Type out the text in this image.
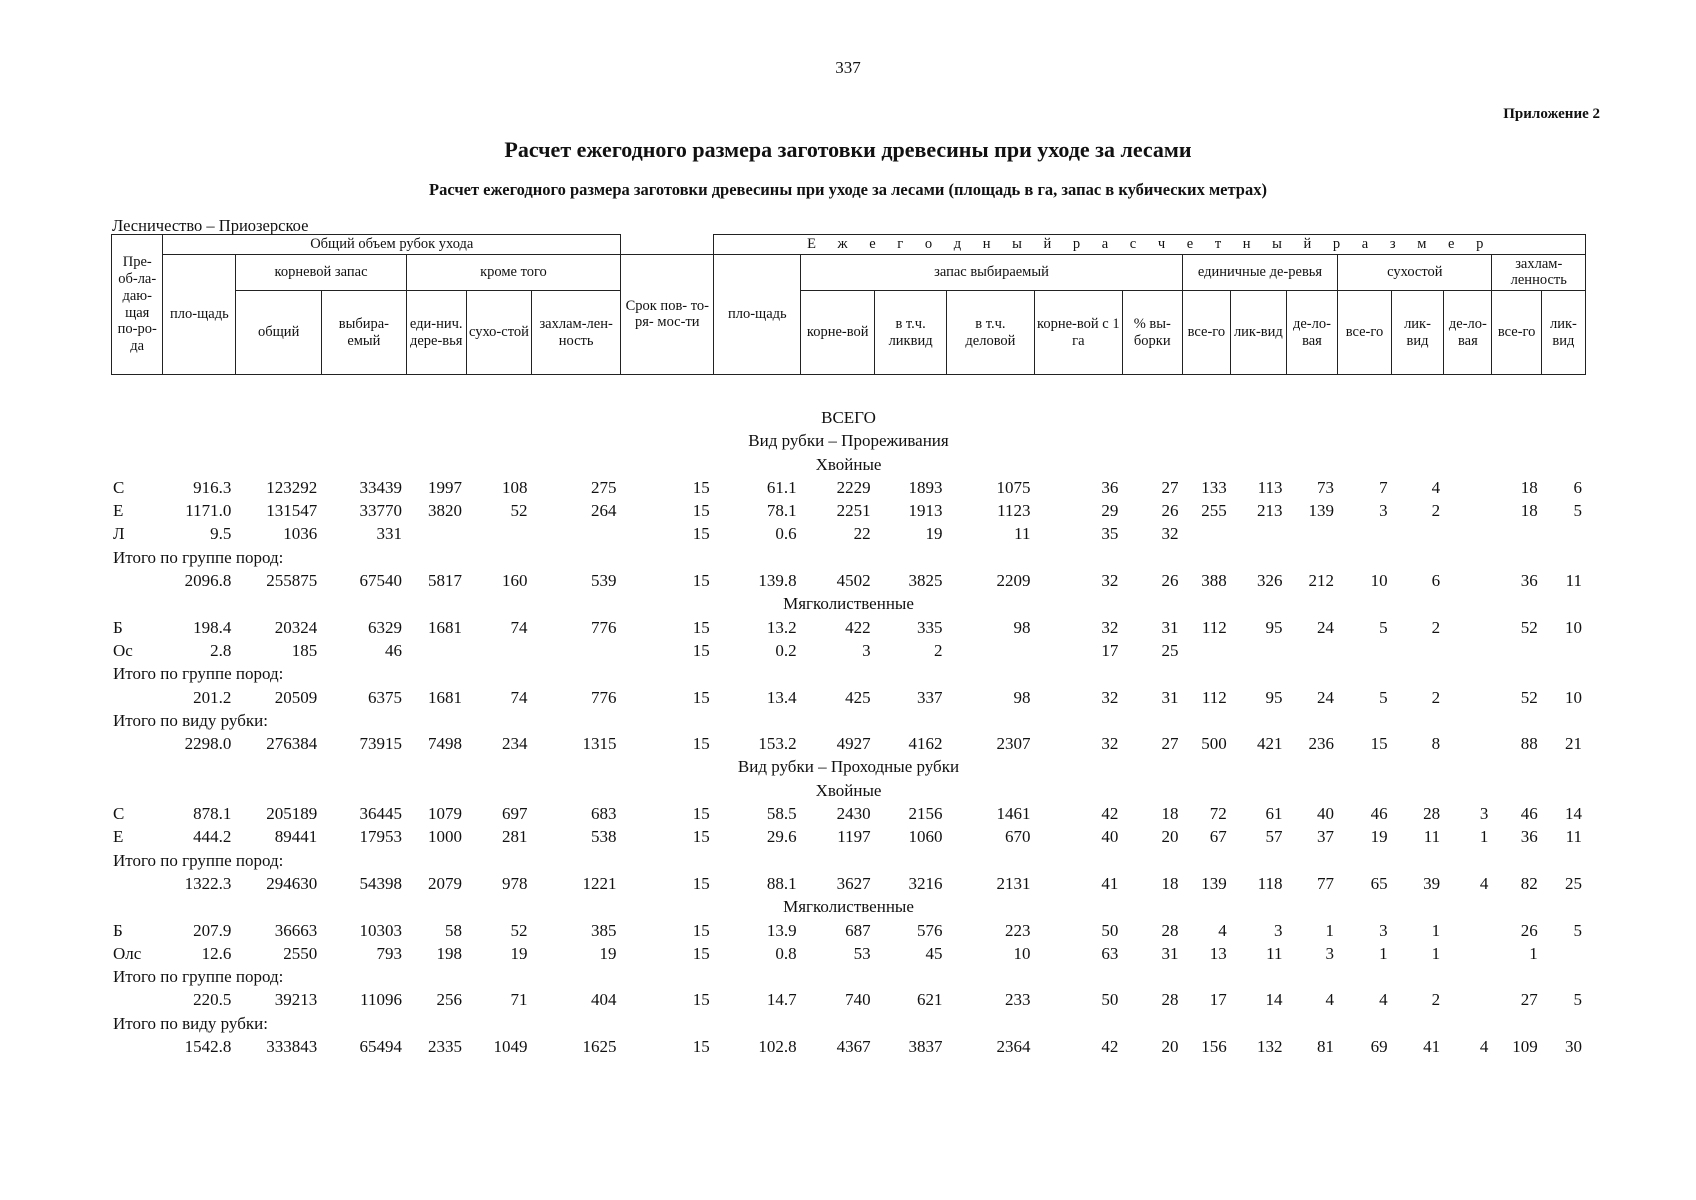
337
Приложение 2
Расчет ежегодного размера заготовки древесины при уходе за лесами
Расчет ежегодного размера заготовки древесины при уходе за лесами (площадь в га, запас в кубических метрах)
Лесничество – Приозерское
Пре-об-ла-даю-щая по-ро-да	Общий объем рубок ухода							Е ж е г о д н ы й р а с ч е т н ы й р а з м е р													
	пло-щадь	корневой запас		кроме того			Срок пов- то-ря- мос-ти	пло-щадь	запас выбираемый					единичные де-ревья			сухостой			захлам-ленность	
		общий	выбира-емый	еди-нич. дере-вья	сухо-стой	захлам-лен-ность			корне-вой	в т.ч. ликвид	в т.ч. деловой	корне-вой с 1 га	% вы-борки	все-го	лик-вид	де-ло-вая	все-го	лик-вид	де-ло-вая	все-го	лик-вид
ВСЕГО																					
Вид рубки – Прореживания																					
Хвойные																					
С	916.3	123292	33439	1997	108	275	15	61.1	2229	1893	1075	36	27	133	113	73	7	4		18	6
Е	1171.0	131547	33770	3820	52	264	15	78.1	2251	1913	1123	29	26	255	213	139	3	2		18	5
Л	9.5	1036	331				15	0.6	22	19	11	35	32								
Итого по группе пород:																					
	2096.8	255875	67540	5817	160	539	15	139.8	4502	3825	2209	32	26	388	326	212	10	6		36	11
Мягколиственные																					
Б	198.4	20324	6329	1681	74	776	15	13.2	422	335	98	32	31	112	95	24	5	2		52	10
Ос	2.8	185	46				15	0.2	3	2		17	25								
Итого по группе пород:																					
	201.2	20509	6375	1681	74	776	15	13.4	425	337	98	32	31	112	95	24	5	2		52	10
Итого по виду рубки:																					
	2298.0	276384	73915	7498	234	1315	15	153.2	4927	4162	2307	32	27	500	421	236	15	8		88	21
Вид рубки – Проходные рубки																					
Хвойные																					
С	878.1	205189	36445	1079	697	683	15	58.5	2430	2156	1461	42	18	72	61	40	46	28	3	46	14
Е	444.2	89441	17953	1000	281	538	15	29.6	1197	1060	670	40	20	67	57	37	19	11	1	36	11
Итого по группе пород:																					
	1322.3	294630	54398	2079	978	1221	15	88.1	3627	3216	2131	41	18	139	118	77	65	39	4	82	25
Мягколиственные																					
Б	207.9	36663	10303	58	52	385	15	13.9	687	576	223	50	28	4	3	1	3	1		26	5
Олс	12.6	2550	793	198	19	19	15	0.8	53	45	10	63	31	13	11	3	1	1		1	
Итого по группе пород:																					
	220.5	39213	11096	256	71	404	15	14.7	740	621	233	50	28	17	14	4	4	2		27	5
Итого по виду рубки:																					
	1542.8	333843	65494	2335	1049	1625	15	102.8	4367	3837	2364	42	20	156	132	81	69	41	4	109	30
